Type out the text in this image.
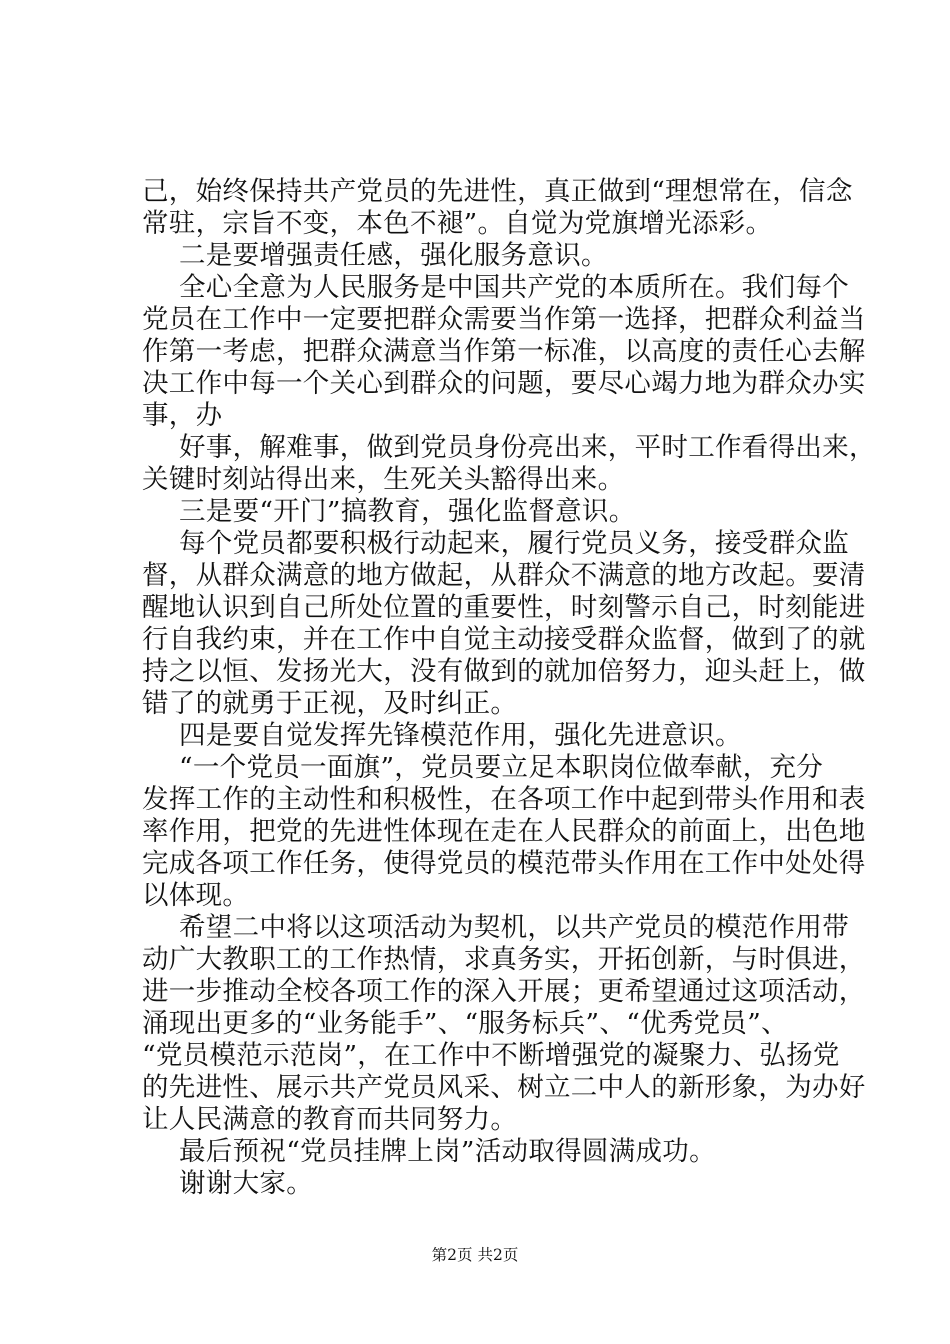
己，始终保持共产党员的先进性，真正做到“理想常在，信念
常驻，宗旨不变，本色不褪”。自觉为党旗增光添彩。
二是要增强责任感，强化服务意识。
全心全意为人民服务是中国共产党的本质所在。我们每个
党员在工作中一定要把群众需要当作第一选择，把群众利益当
作第一考虑，把群众满意当作第一标准，以高度的责任心去解
决工作中每一个关心到群众的问题，要尽心竭力地为群众办实
事，办
好事，解难事，做到党员身份亮出来，平时工作看得出来，
关键时刻站得出来，生死关头豁得出来。
三是要“开门”搞教育，强化监督意识。
每个党员都要积极行动起来，履行党员义务，接受群众监
督，从群众满意的地方做起，从群众不满意的地方改起。要清
醒地认识到自己所处位置的重要性，时刻警示自己，时刻能进
行自我约束，并在工作中自觉主动接受群众监督，做到了的就
持之以恒、发扬光大，没有做到的就加倍努力，迎头赶上，做
错了的就勇于正视，及时纠正。
四是要自觉发挥先锋模范作用，强化先进意识。
“一个党员一面旗”，党员要立足本职岗位做奉献，充分
发挥工作的主动性和积极性，在各项工作中起到带头作用和表
率作用，把党的先进性体现在走在人民群众的前面上，出色地
完成各项工作任务，使得党员的模范带头作用在工作中处处得
以体现。
希望二中将以这项活动为契机，以共产党员的模范作用带
动广大教职工的工作热情，求真务实，开拓创新，与时俱进，
进一步推动全校各项工作的深入开展；更希望通过这项活动，
涌现出更多的“业务能手”、“服务标兵”、“优秀党员”、
“党员模范示范岗”，在工作中不断增强党的凝聚力、弘扬党
的先进性、展示共产党员风采、树立二中人的新形象，为办好
让人民满意的教育而共同努力。
最后预祝“党员挂牌上岗”活动取得圆满成功。
谢谢大家。
第2页 共2页
